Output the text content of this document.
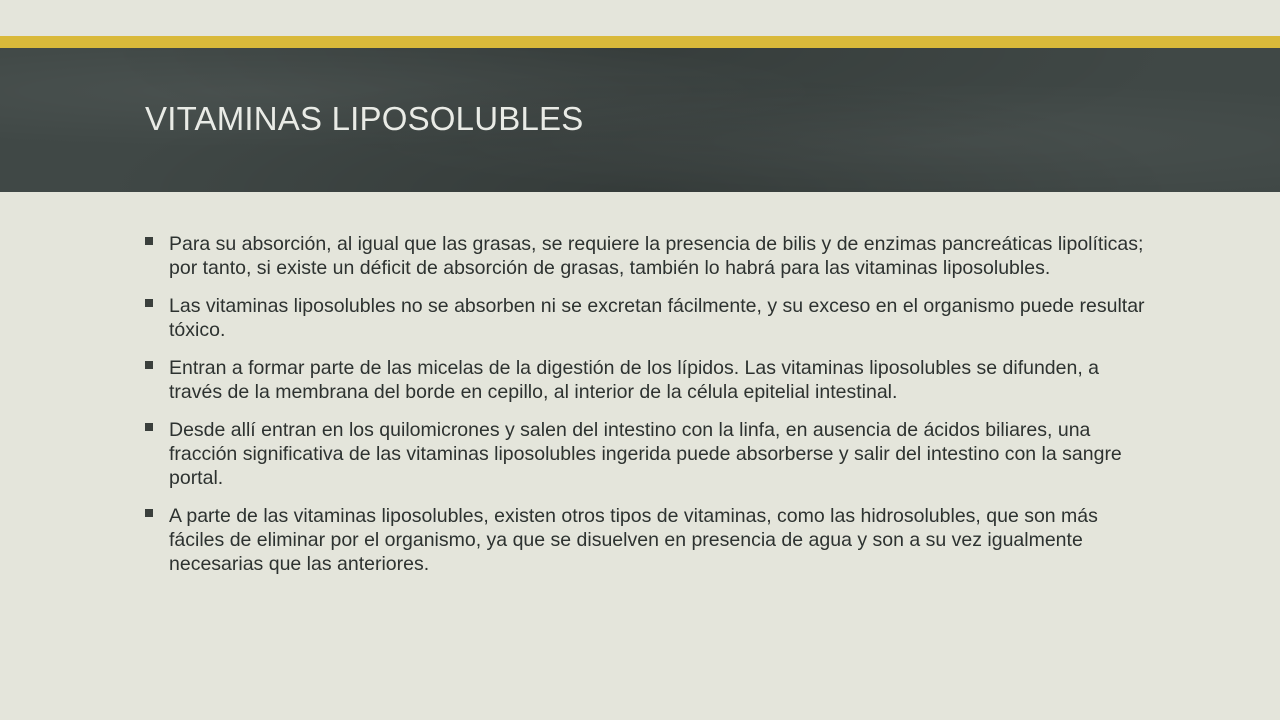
VITAMINAS LIPOSOLUBLES
Para su absorción, al igual que las grasas, se requiere la presencia de bilis y de enzimas pancreáticas lipolíticas; por tanto, si existe un déficit de absorción de grasas, también lo habrá para las vitaminas liposolubles.
Las vitaminas liposolubles no se absorben ni se excretan fácilmente, y su exceso en el organismo puede resultar tóxico.
Entran a formar parte de las micelas de la digestión de los lípidos. Las vitaminas liposolubles se difunden, a través de la membrana del borde en cepillo, al interior de la célula epitelial intestinal.
Desde allí entran en los quilomicrones y salen del intestino con la linfa, en ausencia de ácidos biliares, una fracción significativa de las vitaminas liposolubles ingerida puede absorberse y salir del intestino con la sangre portal.
A parte de las vitaminas liposolubles, existen otros tipos de vitaminas, como las hidrosolubles, que son más fáciles de eliminar por el organismo, ya que se disuelven en presencia de agua y son a su vez igualmente necesarias que las anteriores.
